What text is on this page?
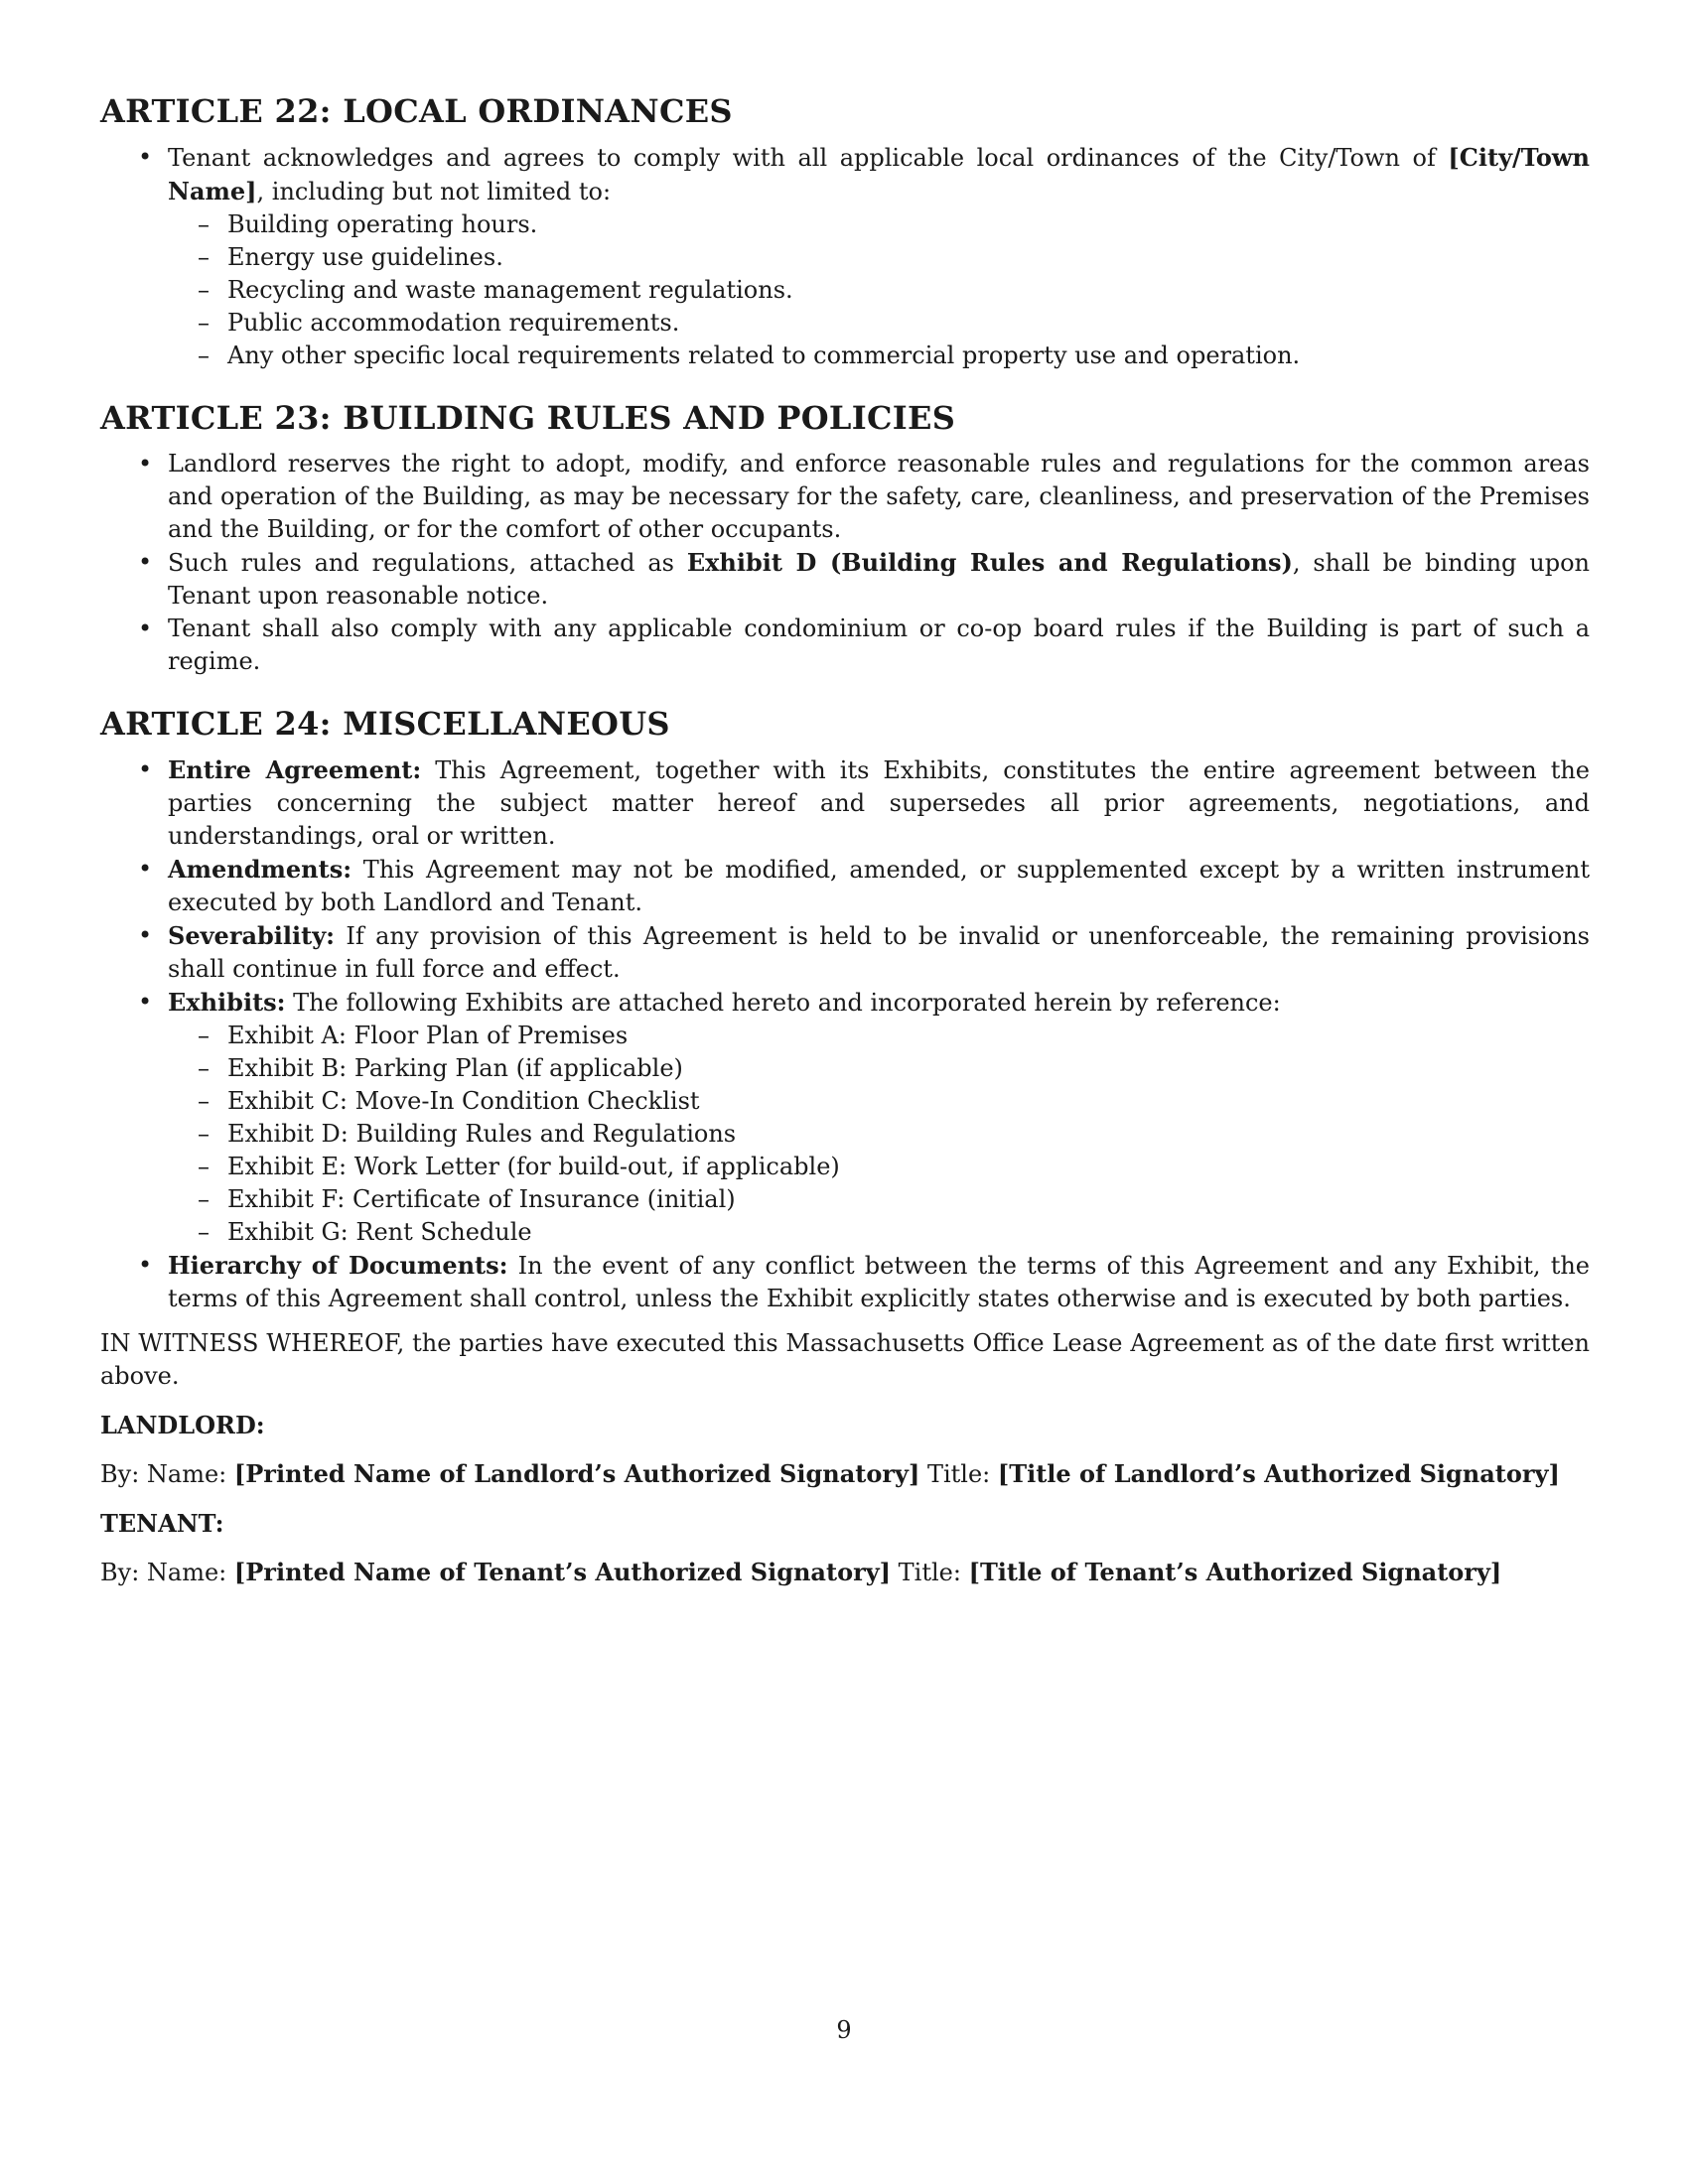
ARTICLE 22: LOCAL ORDINANCES
• Tenant acknowledges and agrees to comply with all applicable local ordinances of the City/Town of [City/Town Name], including but not limited to:
– Building operating hours.
– Energy use guidelines.
– Recycling and waste management regulations.
– Public accommodation requirements.
– Any other specific local requirements related to commercial property use and operation.
ARTICLE 23: BUILDING RULES AND POLICIES
• Landlord reserves the right to adopt, modify, and enforce reasonable rules and regulations for the common areas and operation of the Building, as may be necessary for the safety, care, cleanliness, and preservation of the Premises and the Building, or for the comfort of other occupants.
• Such rules and regulations, attached as Exhibit D (Building Rules and Regulations), shall be binding upon Tenant upon reasonable notice.
• Tenant shall also comply with any applicable condominium or co-op board rules if the Building is part of such a regime.
ARTICLE 24: MISCELLANEOUS
• Entire Agreement: This Agreement, together with its Exhibits, constitutes the entire agreement between the parties concerning the subject matter hereof and supersedes all prior agreements, negotiations, and understandings, oral or written.
• Amendments: This Agreement may not be modified, amended, or supplemented except by a written instrument executed by both Landlord and Tenant.
• Severability: If any provision of this Agreement is held to be invalid or unenforceable, the remaining provisions shall continue in full force and effect.
• Exhibits: The following Exhibits are attached hereto and incorporated herein by reference:
– Exhibit A: Floor Plan of Premises
– Exhibit B: Parking Plan (if applicable)
– Exhibit C: Move-In Condition Checklist
– Exhibit D: Building Rules and Regulations
– Exhibit E: Work Letter (for build-out, if applicable)
– Exhibit F: Certificate of Insurance (initial)
– Exhibit G: Rent Schedule
• Hierarchy of Documents: In the event of any conflict between the terms of this Agreement and any Exhibit, the terms of this Agreement shall control, unless the Exhibit explicitly states otherwise and is executed by both parties.

IN WITNESS WHEREOF, the parties have executed this Massachusetts Office Lease Agreement as of the date first written above.

LANDLORD:

By: Name: [Printed Name of Landlord’s Authorized Signatory] Title: [Title of Landlord’s Authorized Signatory]

TENANT:

By: Name: [Printed Name of Tenant’s Authorized Signatory] Title: [Title of Tenant’s Authorized Signatory]

9
